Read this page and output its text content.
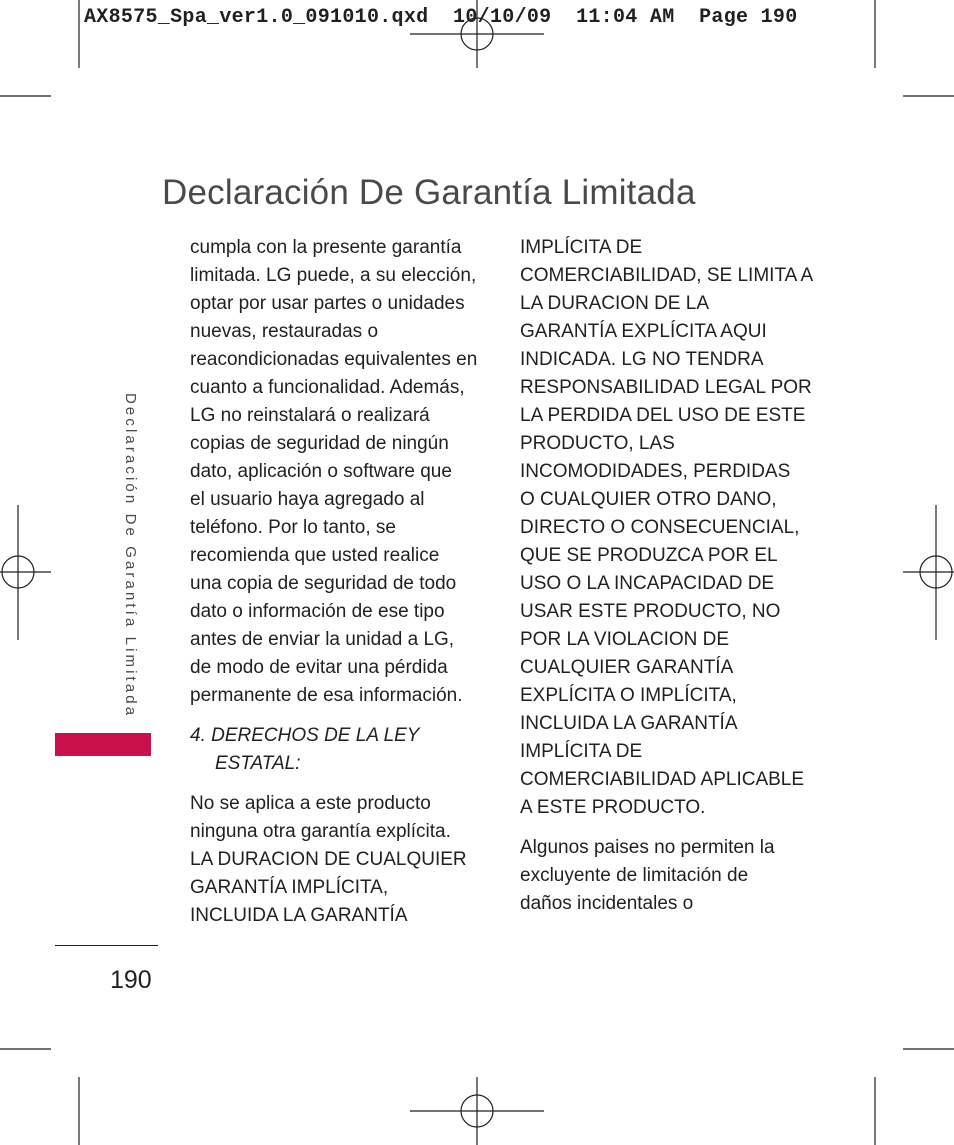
AX8575_Spa_ver1.0_091010.qxd  10/10/09  11:04 AM  Page 190
Declaración De Garantía Limitada
Declaración De Garantía Limitada

cumpla con la presente garantía
limitada. LG puede, a su elección,
optar por usar partes o unidades
nuevas, restauradas o
reacondicionadas equivalentes en
cuanto a funcionalidad. Además,
LG no reinstalará o realizará
copias de seguridad de ningún
dato, aplicación o software que
el usuario haya agregado al
teléfono. Por lo tanto, se
recomienda que usted realice
una copia de seguridad de todo
dato o información de ese tipo
antes de enviar la unidad a LG,
de modo de evitar una pérdida
permanente de esa información.

4. DERECHOS DE LA LEY
ESTATAL:

No se aplica a este producto
ninguna otra garantía explícita.
LA DURACION DE CUALQUIER
GARANTÍA IMPLÍCITA,
INCLUIDA LA GARANTÍA

IMPLÍCITA DE
COMERCIABILIDAD, SE LIMITA A
LA DURACION DE LA
GARANTÍA EXPLÍCITA AQUI
INDICADA. LG NO TENDRA
RESPONSABILIDAD LEGAL POR
LA PERDIDA DEL USO DE ESTE
PRODUCTO, LAS
INCOMODIDADES, PERDIDAS
O CUALQUIER OTRO DANO,
DIRECTO O CONSECUENCIAL,
QUE SE PRODUZCA POR EL
USO O LA INCAPACIDAD DE
USAR ESTE PRODUCTO, NO
POR LA VIOLACION DE
CUALQUIER GARANTÍA
EXPLÍCITA O IMPLÍCITA,
INCLUIDA LA GARANTÍA
IMPLÍCITA DE
COMERCIABILIDAD APLICABLE
A ESTE PRODUCTO.

Algunos paises no permiten la
excluyente de limitación de
daños incidentales o

190
